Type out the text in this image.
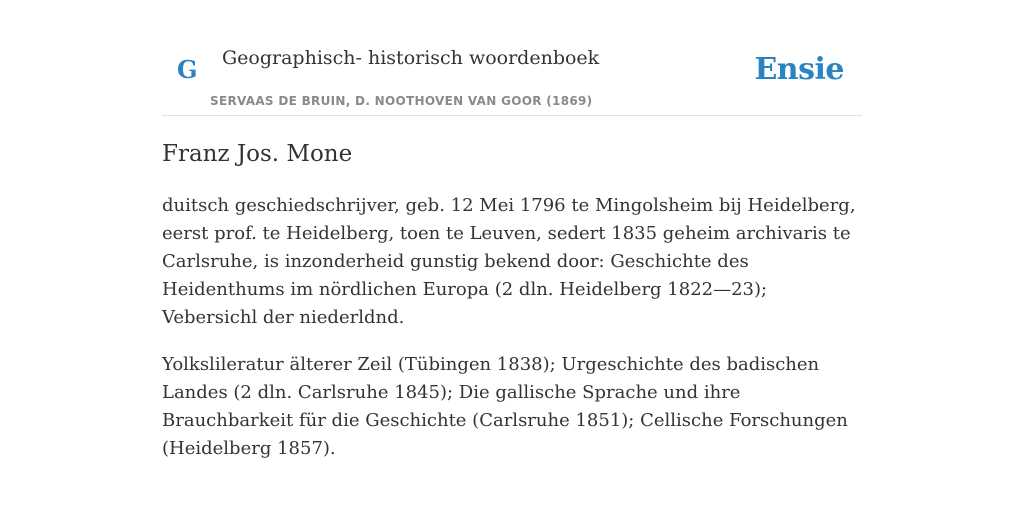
G Geographisch- historisch woordenboek
SERVAAS DE BRUIN, D. NOOTHOVEN VAN GOOR (1869)
Ensie
Franz Jos. Mone

duitsch geschiedschrijver, geb. 12 Mei 1796 te Mingolsheim bij Heidelberg, eerst prof. te Heidelberg, toen te Leuven, sedert 1835 geheim archivaris te Carlsruhe, is inzonderheid gunstig bekend door: Geschichte des Heidenthums im nördlichen Europa (2 dln. Heidelberg 1822—23); Vebersichl der niederldnd.

Yolkslileratur älterer Zeil (Tübingen 1838); Urgeschichte des badischen Landes (2 dln. Carlsruhe 1845); Die gallische Sprache und ihre Brauchbarkeit für die Geschichte (Carlsruhe 1851); Cellische Forschungen (Heidelberg 1857).
